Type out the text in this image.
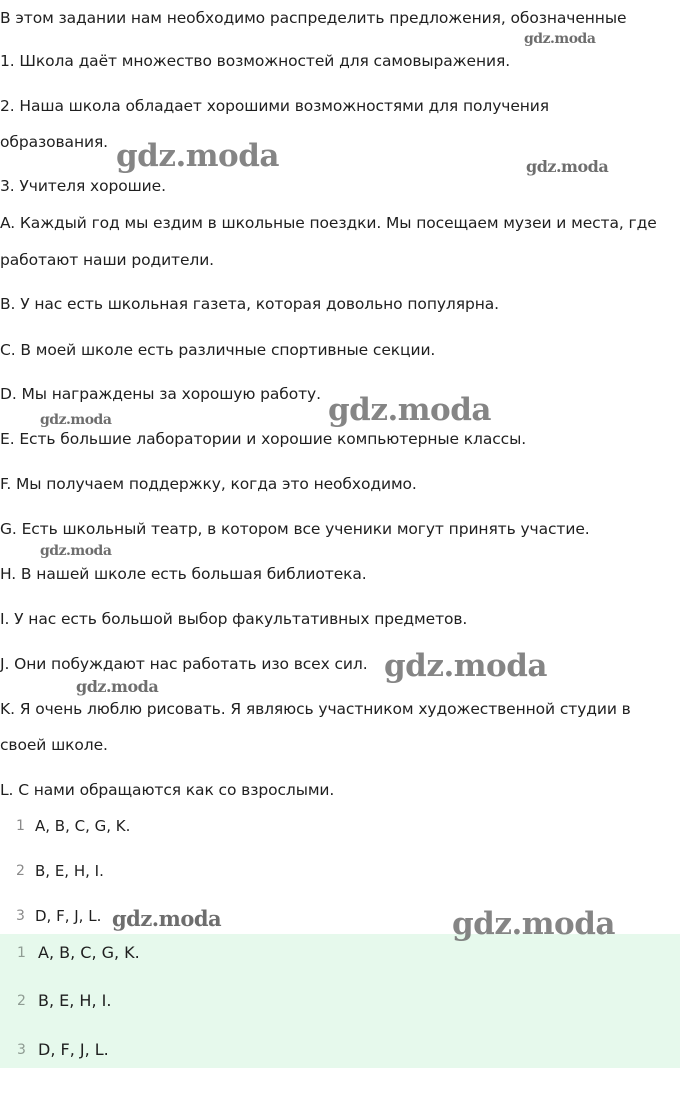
В этом задании нам необходимо распределить предложения, обозначенные
1. Школа даёт множество возможностей для самовыражения.
2. Наша школа обладает хорошими возможностями для получения
образования.
3. Учителя хорошие.
A. Каждый год мы ездим в школьные поездки. Мы посещаем музеи и места, где
работают наши родители.
B. У нас есть школьная газета, которая довольно популярна.
C. В моей школе есть различные спортивные секции.
D. Мы награждены за хорошую работу.
E. Есть большие лаборатории и хорошие компьютерные классы.
F. Мы получаем поддержку, когда это необходимо.
G. Есть школьный театр, в котором все ученики могут принять участие.
H. В нашей школе есть большая библиотека.
I. У нас есть большой выбор факультативных предметов.
J. Они побуждают нас работать изо всех сил.
K. Я очень люблю рисовать. Я являюсь участником художественной студии в
своей школе.
L. С нами обращаются как со взрослыми.
1 A, B, C, G, K.
2 B, E, H, I.
3 D, F, J, L.
1 A, B, C, G, K.
2 B, E, H, I.
3 D, F, J, L.
gdz.moda
gdz.moda	gdz.moda
gdz.moda
gdz.moda
gdz.moda
gdz.moda
gdz.moda
gdz.moda	gdz.moda
